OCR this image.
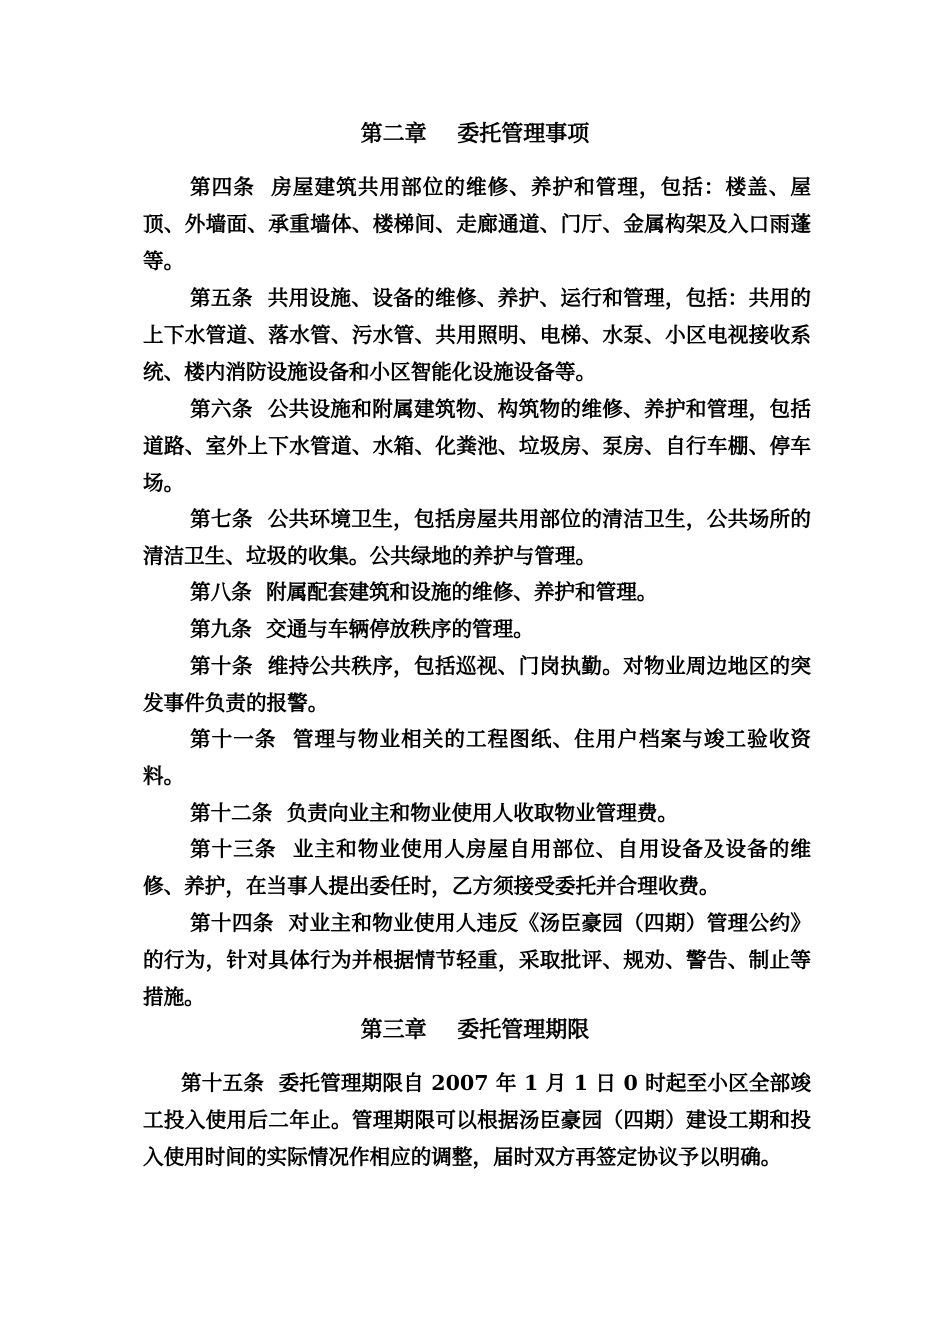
第二章    委托管理事项

第四条  房屋建筑共用部位的维修、养护和管理，包括：楼盖、屋顶、外墙面、承重墙体、楼梯间、走廊通道、门厅、金属构架及入口雨蓬等。

第五条  共用设施、设备的维修、养护、运行和管理，包括：共用的上下水管道、落水管、污水管、共用照明、电梯、水泵、小区电视接收系统、楼内消防设施设备和小区智能化设施设备等。

第六条  公共设施和附属建筑物、构筑物的维修、养护和管理，包括道路、室外上下水管道、水箱、化粪池、垃圾房、泵房、自行车棚、停车场。

第七条  公共环境卫生，包括房屋共用部位的清洁卫生，公共场所的清洁卫生、垃圾的收集。公共绿地的养护与管理。

第八条  附属配套建筑和设施的维修、养护和管理。

第九条  交通与车辆停放秩序的管理。

第十条  维持公共秩序，包括巡视、门岗执勤。对物业周边地区的突发事件负责的报警。

第十一条  管理与物业相关的工程图纸、住用户档案与竣工验收资料。

第十二条  负责向业主和物业使用人收取物业管理费。

第十三条  业主和物业使用人房屋自用部位、自用设备及设备的维修、养护，在当事人提出委任时，乙方须接受委托并合理收费。

第十四条  对业主和物业使用人违反《汤臣豪园（四期）管理公约》的行为，针对具体行为并根据情节轻重，采取批评、规劝、警告、制止等措施。

第三章    委托管理期限

第十五条  委托管理期限自 2007 年 1 月 1 日 0 时起至小区全部竣工投入使用后二年止。管理期限可以根据汤臣豪园（四期）建设工期和投入使用时间的实际情况作相应的调整，届时双方再签定协议予以明确。
